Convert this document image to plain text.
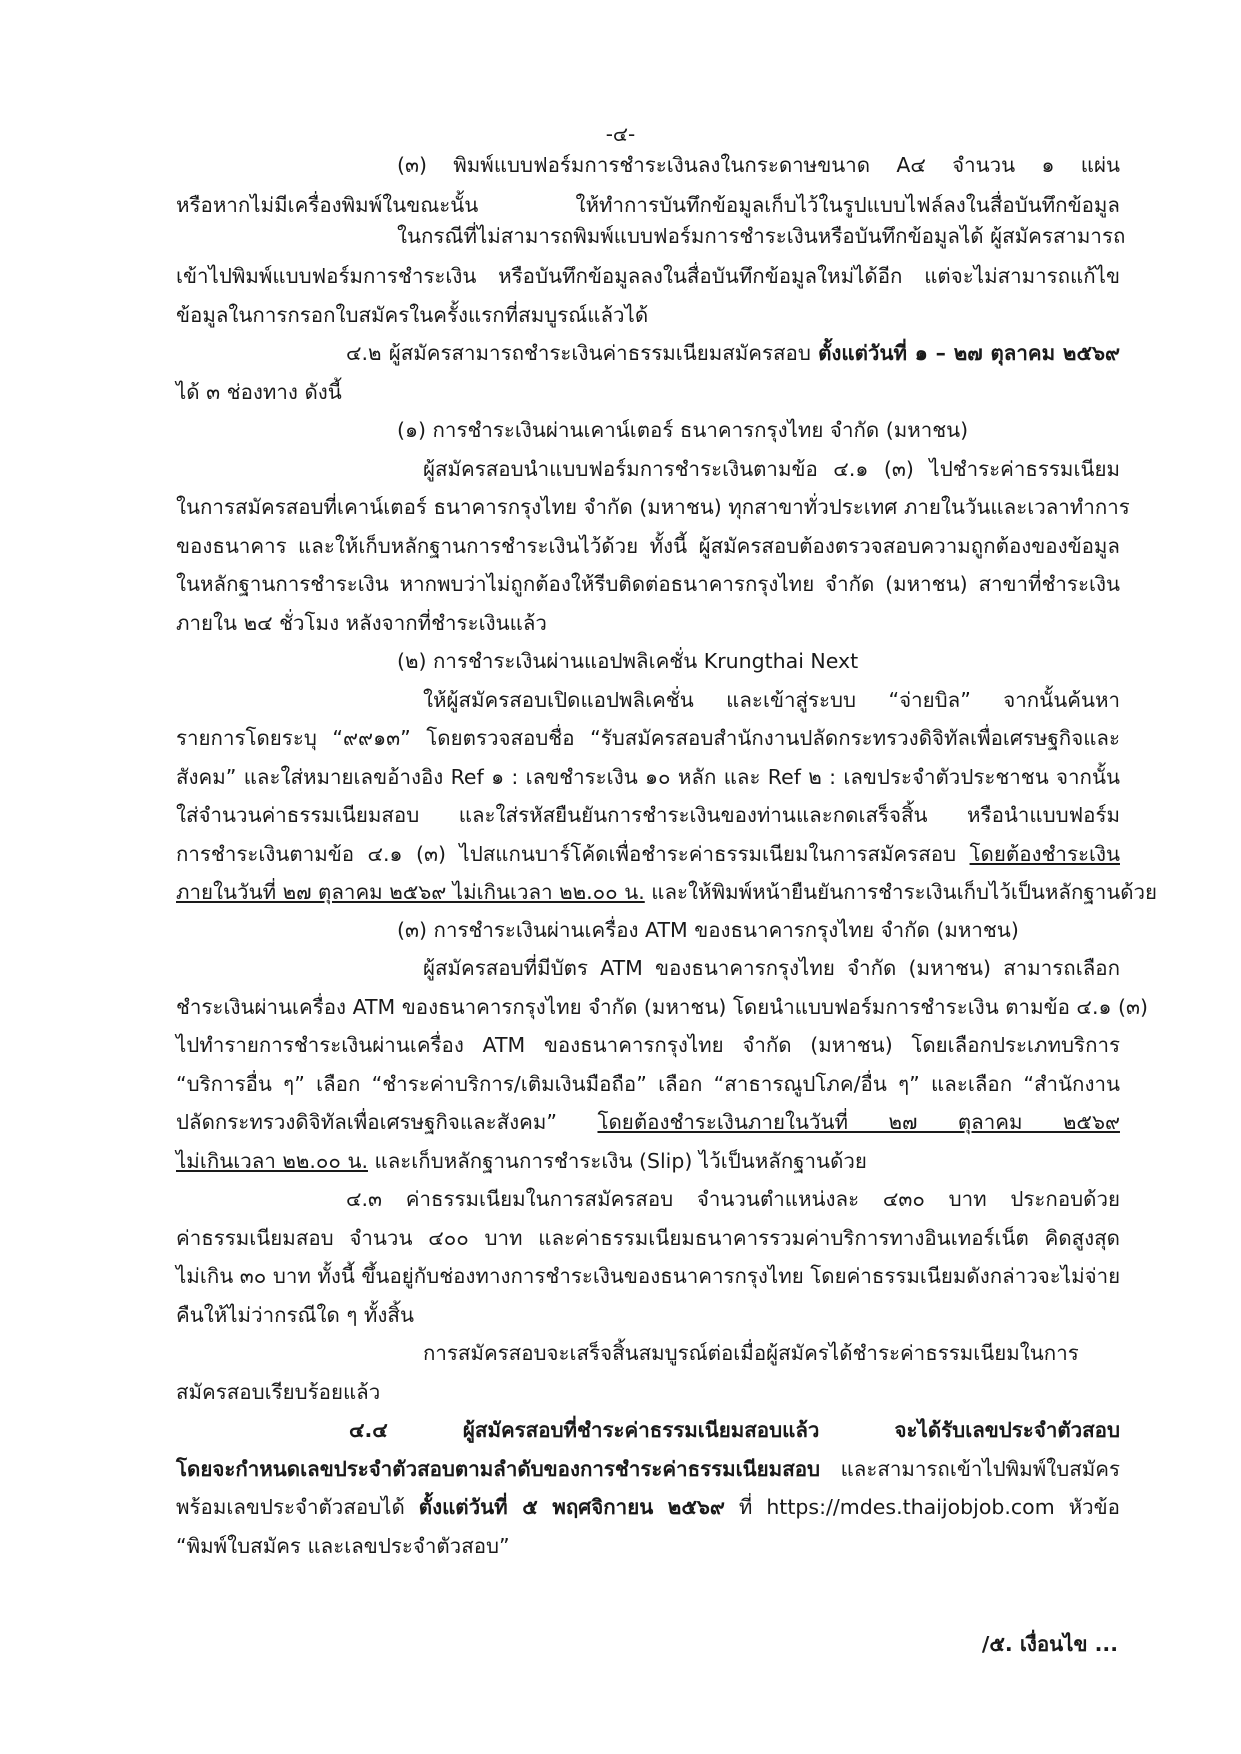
-๔-
(๓) พิมพ์แบบฟอร์มการชำระเงินลงในกระดาษขนาด A๔ จำนวน ๑ แผ่น
หรือหากไม่มีเครื่องพิมพ์ในขณะนั้น ให้ทำการบันทึกข้อมูลเก็บไว้ในรูปแบบไฟล์ลงในสื่อบันทึกข้อมูล
ในกรณีที่ไม่สามารถพิมพ์แบบฟอร์มการชำระเงินหรือบันทึกข้อมูลได้ ผู้สมัครสามารถ
เข้าไปพิมพ์แบบฟอร์มการชำระเงิน หรือบันทึกข้อมูลลงในสื่อบันทึกข้อมูลใหม่ได้อีก แต่จะไม่สามารถแก้ไข
ข้อมูลในการกรอกใบสมัครในครั้งแรกที่สมบูรณ์แล้วได้
๔.๒ ผู้สมัครสามารถชำระเงินค่าธรรมเนียมสมัครสอบ ตั้งแต่วันที่ ๑ – ๒๗ ตุลาคม ๒๕๖๙
ได้ ๓ ช่องทาง ดังนี้
(๑) การชำระเงินผ่านเคาน์เตอร์ ธนาคารกรุงไทย จำกัด (มหาชน)
ผู้สมัครสอบนำแบบฟอร์มการชำระเงินตามข้อ ๔.๑ (๓) ไปชำระค่าธรรมเนียม
ในการสมัครสอบที่เคาน์เตอร์ ธนาคารกรุงไทย จำกัด (มหาชน) ทุกสาขาทั่วประเทศ ภายในวันและเวลาทำการ
ของธนาคาร และให้เก็บหลักฐานการชำระเงินไว้ด้วย ทั้งนี้ ผู้สมัครสอบต้องตรวจสอบความถูกต้องของข้อมูล
ในหลักฐานการชำระเงิน หากพบว่าไม่ถูกต้องให้รีบติดต่อธนาคารกรุงไทย จำกัด (มหาชน) สาขาที่ชำระเงิน
ภายใน ๒๔ ชั่วโมง หลังจากที่ชำระเงินแล้ว
(๒) การชำระเงินผ่านแอปพลิเคชั่น Krungthai Next
ให้ผู้สมัครสอบเปิดแอปพลิเคชั่น และเข้าสู่ระบบ “จ่ายบิล” จากนั้นค้นหา
รายการโดยระบุ “๙๙๑๓” โดยตรวจสอบชื่อ “รับสมัครสอบสำนักงานปลัดกระทรวงดิจิทัลเพื่อเศรษฐกิจและ
สังคม” และใส่หมายเลขอ้างอิง Ref ๑ : เลขชำระเงิน ๑๐ หลัก และ Ref ๒ : เลขประจำตัวประชาชน จากนั้น
ใส่จำนวนค่าธรรมเนียมสอบ และใส่รหัสยืนยันการชำระเงินของท่านและกดเสร็จสิ้น หรือนำแบบฟอร์ม
การชำระเงินตามข้อ ๔.๑ (๓) ไปสแกนบาร์โค้ดเพื่อชำระค่าธรรมเนียมในการสมัครสอบ โดยต้องชำระเงิน
ภายในวันที่ ๒๗ ตุลาคม ๒๕๖๙ ไม่เกินเวลา ๒๒.๐๐ น. และให้พิมพ์หน้ายืนยันการชำระเงินเก็บไว้เป็นหลักฐานด้วย
(๓) การชำระเงินผ่านเครื่อง ATM ของธนาคารกรุงไทย จำกัด (มหาชน)
ผู้สมัครสอบที่มีบัตร ATM ของธนาคารกรุงไทย จำกัด (มหาชน) สามารถเลือก
ชำระเงินผ่านเครื่อง ATM ของธนาคารกรุงไทย จำกัด (มหาชน) โดยนำแบบฟอร์มการชำระเงิน ตามข้อ ๔.๑ (๓)
ไปทำรายการชำระเงินผ่านเครื่อง ATM ของธนาคารกรุงไทย จำกัด (มหาชน) โดยเลือกประเภทบริการ
“บริการอื่น ๆ” เลือก “ชำระค่าบริการ/เติมเงินมือถือ” เลือก “สาธารณูปโภค/อื่น ๆ” และเลือก “สำนักงาน
ปลัดกระทรวงดิจิทัลเพื่อเศรษฐกิจและสังคม” โดยต้องชำระเงินภายในวันที่ ๒๗ ตุลาคม ๒๕๖๙
ไม่เกินเวลา ๒๒.๐๐ น. และเก็บหลักฐานการชำระเงิน (Slip) ไว้เป็นหลักฐานด้วย
๔.๓ ค่าธรรมเนียมในการสมัครสอบ จำนวนตำแหน่งละ ๔๓๐ บาท ประกอบด้วย
ค่าธรรมเนียมสอบ จำนวน ๔๐๐ บาท และค่าธรรมเนียมธนาคารรวมค่าบริการทางอินเทอร์เน็ต คิดสูงสุด
ไม่เกิน ๓๐ บาท ทั้งนี้ ขึ้นอยู่กับช่องทางการชำระเงินของธนาคารกรุงไทย โดยค่าธรรมเนียมดังกล่าวจะไม่จ่าย
คืนให้ไม่ว่ากรณีใด ๆ ทั้งสิ้น
การสมัครสอบจะเสร็จสิ้นสมบูรณ์ต่อเมื่อผู้สมัครได้ชำระค่าธรรมเนียมในการ
สมัครสอบเรียบร้อยแล้ว
๔.๔ ผู้สมัครสอบที่ชำระค่าธรรมเนียมสอบแล้ว จะได้รับเลขประจำตัวสอบ
โดยจะกำหนดเลขประจำตัวสอบตามลำดับของการชำระค่าธรรมเนียมสอบ และสามารถเข้าไปพิมพ์ใบสมัคร
พร้อมเลขประจำตัวสอบได้ ตั้งแต่วันที่ ๕ พฤศจิกายน ๒๕๖๙ ที่ https://mdes.thaijobjob.com หัวข้อ
“พิมพ์ใบสมัคร และเลขประจำตัวสอบ”
/๕. เงื่อนไข ...
